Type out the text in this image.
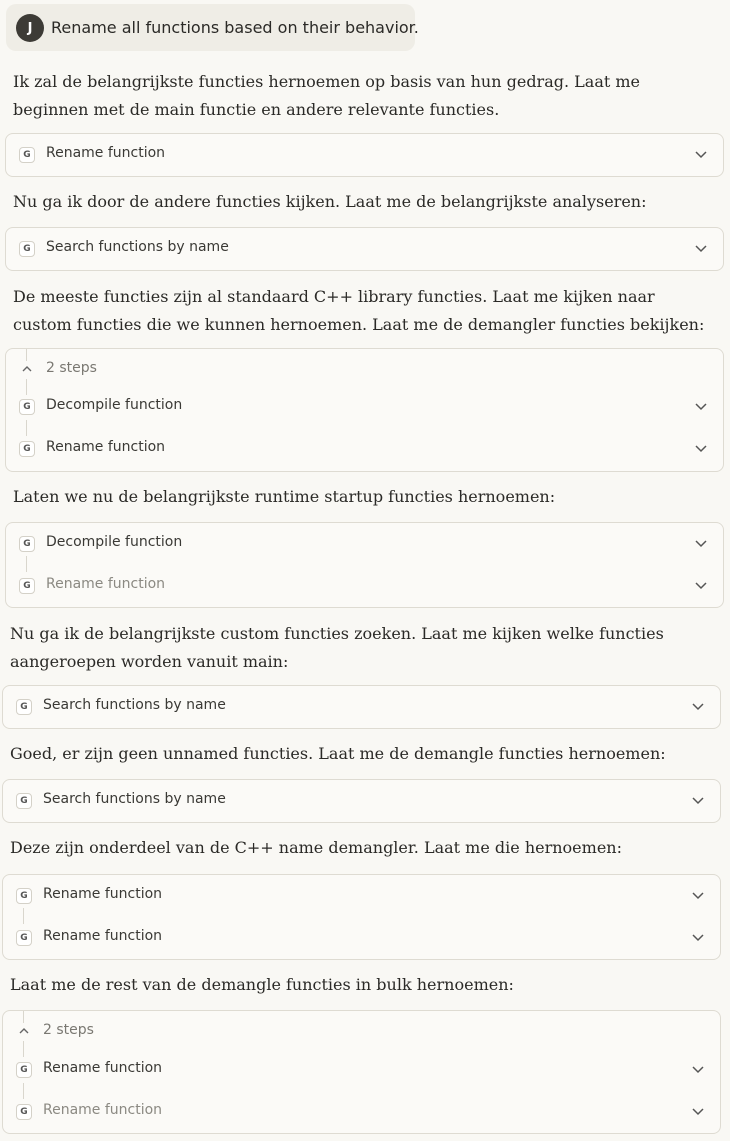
J	Rename all functions based on their behavior.
Ik zal de belangrijkste functies hernoemen op basis van hun gedrag. Laat me beginnen met de main functie en andere relevante functies.
G	Rename function
Nu ga ik door de andere functies kijken. Laat me de belangrijkste analyseren:
G	Search functions by name
De meeste functies zijn al standaard C++ library functies. Laat me kijken naar custom functies die we kunnen hernoemen. Laat me de demangler functies bekijken:
2 steps
G	Decompile function
G	Rename function
Laten we nu de belangrijkste runtime startup functies hernoemen:
G	Decompile function
G	Rename function
Nu ga ik de belangrijkste custom functies zoeken. Laat me kijken welke functies aangeroepen worden vanuit main:
G	Search functions by name
Goed, er zijn geen unnamed functies. Laat me de demangle functies hernoemen:
G	Search functions by name
Deze zijn onderdeel van de C++ name demangler. Laat me die hernoemen:
G	Rename function
G	Rename function
Laat me de rest van de demangle functies in bulk hernoemen:
2 steps
G	Rename function
G	Rename function
